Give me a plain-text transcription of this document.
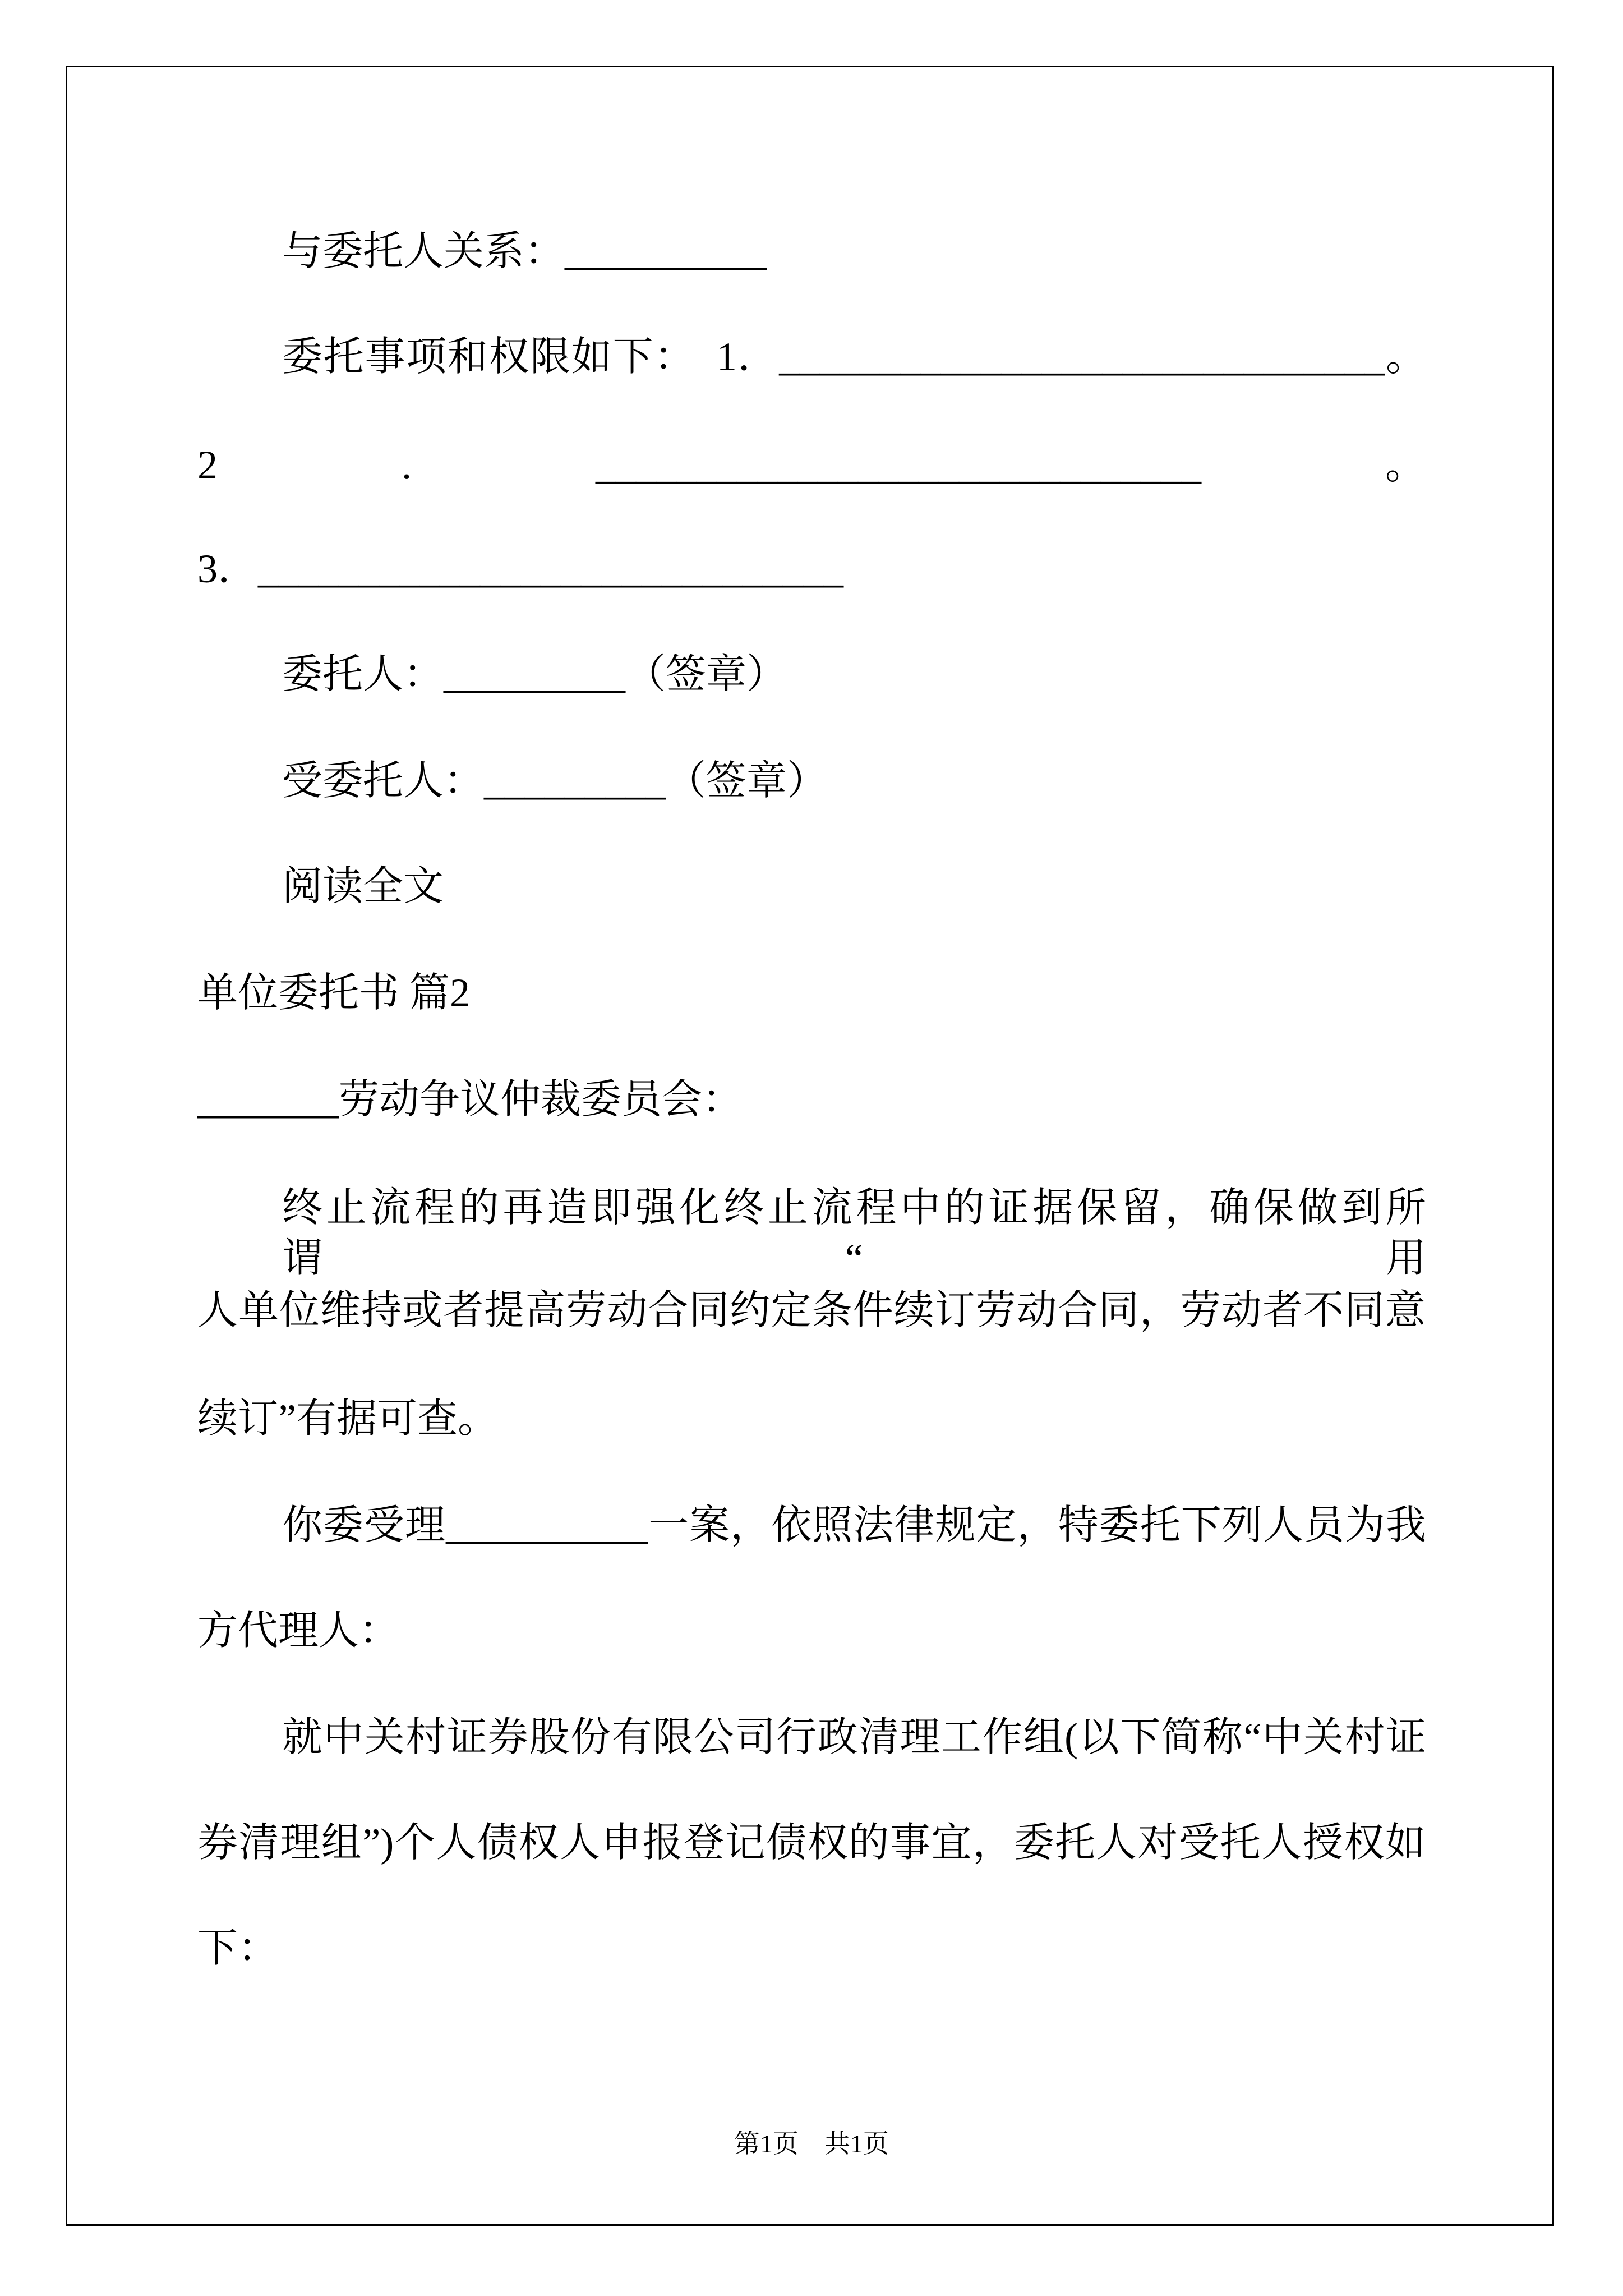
与委托人关系：__________
委托事项和权限如下：　1．______________________________。
2 . ______________________________ 。
3．_____________________________
委托人：_________（签章）
受委托人：_________（签章）
阅读全文
单位委托书 篇2
_______劳动争议仲裁委员会：
终止流程的再造即强化终止流程中的证据保留，确保做到所谓“用
人单位维持或者提高劳动合同约定条件续订劳动合同，劳动者不同意
续订”有据可查。
你委受理__________一案，依照法律规定，特委托下列人员为我
方代理人：
就中关村证券股份有限公司行政清理工作组(以下简称“中关村证
券清理组”)个人债权人申报登记债权的事宜，委托人对受托人授权如
下：
第1页　共1页
